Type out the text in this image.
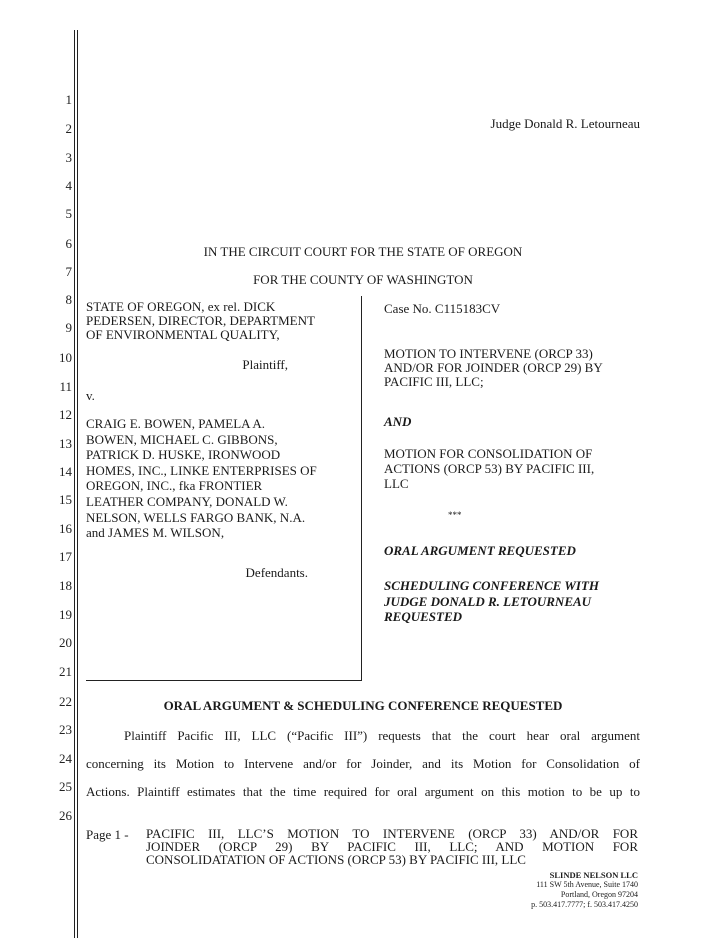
1
2
3
4
5
6
7
8
9
10
11
12
13
14
15
16
17
18
19
20
21
22
23
24
25
26
Judge Donald R. Letourneau
IN THE CIRCUIT COURT FOR THE STATE OF OREGON
FOR THE COUNTY OF WASHINGTON
STATE OF OREGON, ex rel. DICK
PEDERSEN, DIRECTOR, DEPARTMENT
OF ENVIRONMENTAL QUALITY,
Plaintiff,
v.
CRAIG E. BOWEN, PAMELA A.
BOWEN, MICHAEL C. GIBBONS,
PATRICK D. HUSKE, IRONWOOD
HOMES, INC., LINKE ENTERPRISES OF
OREGON, INC., fka FRONTIER
LEATHER COMPANY, DONALD W.
NELSON, WELLS FARGO BANK, N.A.
and JAMES M. WILSON,
Defendants.
Case No. C115183CV
MOTION TO INTERVENE (ORCP 33)
AND/OR FOR JOINDER (ORCP 29) BY
PACIFIC III, LLC;
AND
MOTION FOR CONSOLIDATION OF
ACTIONS (ORCP 53) BY PACIFIC III,
LLC
***
ORAL ARGUMENT REQUESTED
SCHEDULING CONFERENCE WITH
JUDGE DONALD R. LETOURNEAU
REQUESTED
ORAL ARGUMENT & SCHEDULING CONFERENCE REQUESTED
Plaintiff Pacific III, LLC (“Pacific III”) requests that the court hear oral argument
concerning its Motion to Intervene and/or for Joinder, and its Motion for Consolidation of
Actions. Plaintiff estimates that the time required for oral argument on this motion to be up to
Page 1 - PACIFIC III, LLC’S MOTION TO INTERVENE (ORCP 33) AND/OR FOR
JOINDER (ORCP 29) BY PACIFIC III, LLC; AND MOTION FOR
CONSOLIDATATION OF ACTIONS (ORCP 53) BY PACIFIC III, LLC
SLINDE NELSON LLC
111 SW 5th Avenue, Suite 1740
Portland, Oregon 97204
p. 503.417.7777; f. 503.417.4250
